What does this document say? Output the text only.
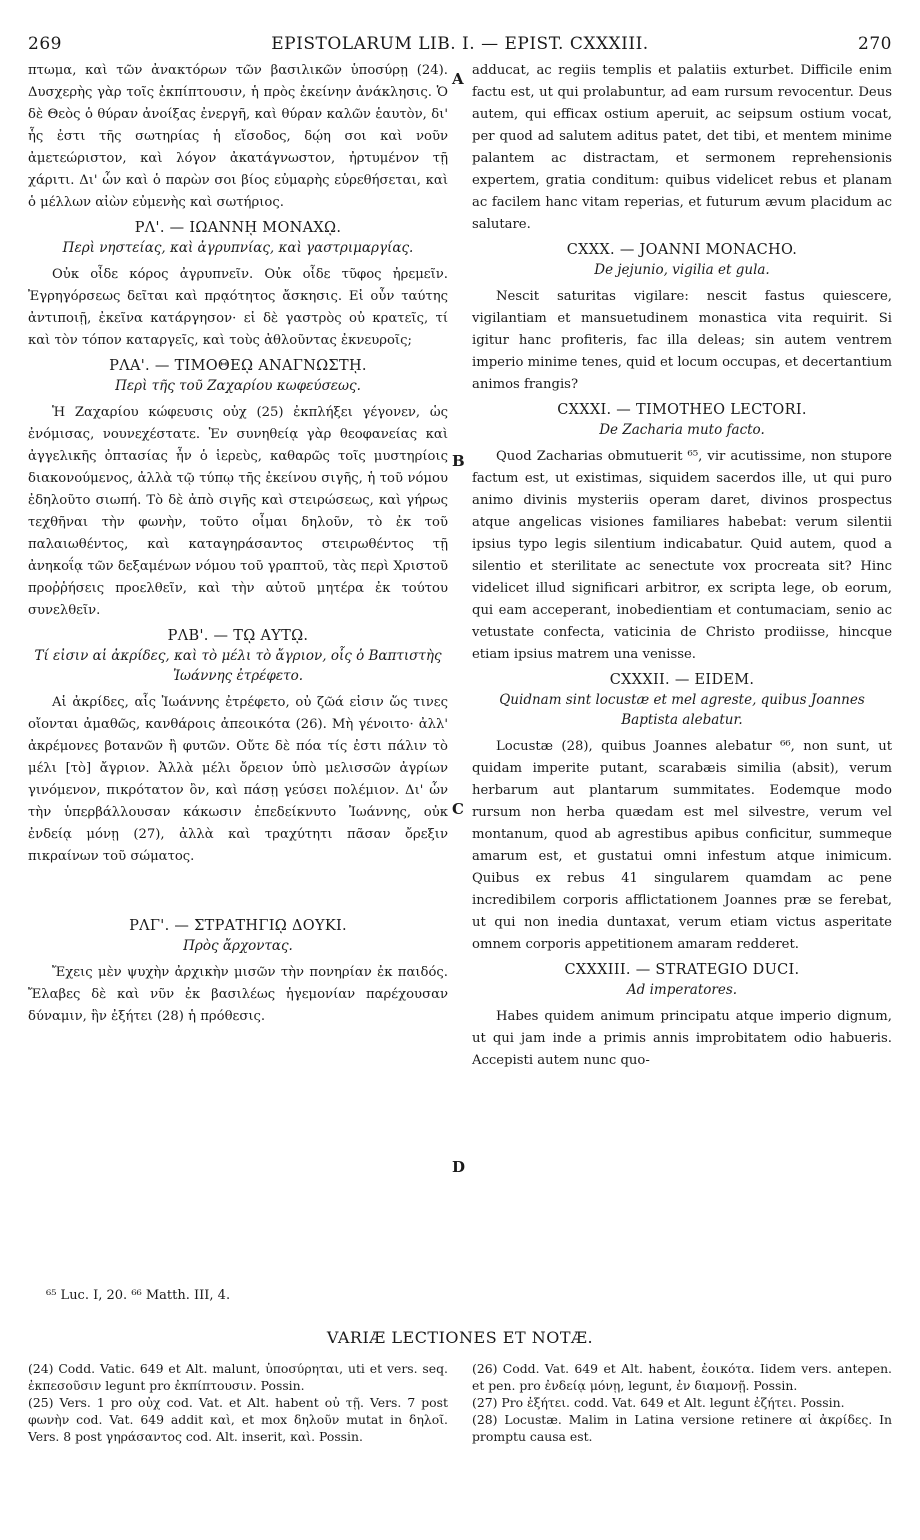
269	EPISTOLARUM LIB. I. — EPIST. CXXXIII.	270

πτωμα, καὶ τῶν ἀνακτόρων τῶν βασιλικῶν ὑποσύρῃ (24). Δυσχερὴς γὰρ τοῖς ἐκπίπτουσιν, ἡ πρὸς ἐκείνην ἀνάκλησις. Ὁ δὲ Θεὸς ὁ θύραν ἀνοίξας ἐνεργῆ, καὶ θύραν καλῶν ἑαυτὸν, δι' ἧς ἐστι τῆς σωτηρίας ἡ εἴσοδος, δῴη σοι καὶ νοῦν ἀμετεώριστον, καὶ λόγον ἀκατάγνωστον, ἠρτυμένον τῇ χάριτι. Δι' ὧν καὶ ὁ παρὼν σοι βίος εὐμαρὴς εὑρεθήσεται, καὶ ὁ μέλλων αἰὼν εὐμενὴς καὶ σωτήριος.

ΡΛ'. — ΙΩΑΝΝῌ ΜΟΝΑΧῼ.
Περὶ νηστείας, καὶ ἀγρυπνίας, καὶ γαστριμαργίας.

Οὐκ οἶδε κόρος ἀγρυπνεῖν. Οὐκ οἶδε τῦφος ἠρεμεῖν. Ἐγρηγόρσεως δεῖται καὶ πρᾳότητος ἄσκησις. Εἰ οὖν ταύτης ἀντιποιῇ, ἐκεῖνα κατάργησον· εἰ δὲ γαστρὸς οὐ κρατεῖς, τί καὶ τὸν τόπον καταργεῖς, καὶ τοὺς ἀθλοῦντας ἐκνευροῖς;

ΡΛΑ'. — ΤΙΜΟΘΕῼ ΑΝΑΓΝΩΣΤῌ.
Περὶ τῆς τοῦ Ζαχαρίου κωφεύσεως.

Ἡ Ζαχαρίου κώφευσις οὐχ (25) ἐκπλήξει γέγονεν, ὡς ἐνόμισας, νουνεχέστατε. Ἐν συνηθείᾳ γὰρ θεοφανείας καὶ ἀγγελικῆς ὀπτασίας ἦν ὁ ἱερεὺς, καθαρῶς τοῖς μυστηρίοις διακονούμενος, ἀλλὰ τῷ τύπῳ τῆς ἐκείνου σιγῆς, ἡ τοῦ νόμου ἐδηλοῦτο σιωπή. Τὸ δὲ ἀπὸ σιγῆς καὶ στειρώσεως, καὶ γήρως τεχθῆναι τὴν φωνὴν, τοῦτο οἶμαι δηλοῦν, τὸ ἐκ τοῦ παλαιωθέντος, καὶ καταγηράσαντος στειρωθέντος τῇ ἀνηκοΐᾳ τῶν δεξαμένων νόμου τοῦ γραπτοῦ, τὰς περὶ Χριστοῦ προῤῥήσεις προελθεῖν, καὶ τὴν αὐτοῦ μητέρα ἐκ τούτου συνελθεῖν.

ΡΛΒ'. — Τῼ ΑΥΤῼ.
Τί εἰσιν αἱ ἀκρίδες, καὶ τὸ μέλι τὸ ἄγριον, οἷς ὁ Βαπτιστὴς Ἰωάννης ἐτρέφετο.

Αἱ ἀκρίδες, αἷς Ἰωάννης ἐτρέφετο, οὐ ζῶά εἰσιν ὥς τινες οἴονται ἀμαθῶς, κανθάροις ἀπεοικότα (26). Μὴ γένοιτο· ἀλλ' ἀκρέμονες βοτανῶν ἢ φυτῶν. Οὔτε δὲ πόα τίς ἐστι πάλιν τὸ μέλι [τὸ] ἄγριον. Ἀλλὰ μέλι ὄρειον ὑπὸ μελισσῶν ἀγρίων γινόμενον, πικρότατον ὂν, καὶ πάσῃ γεύσει πολέμιον. Δι' ὧν τὴν ὑπερβάλλουσαν κάκωσιν ἐπεδείκνυτο Ἰωάννης, οὐκ ἐνδείᾳ μόνῃ (27), ἀλλὰ καὶ τραχύτητι πᾶσαν ὄρεξιν πικραίνων τοῦ σώματος.

ΡΛΓ'. — ΣΤΡΑΤΗΓΙῼ ΔΟΥΚΙ.
Πρὸς ἄρχοντας.

Ἔχεις μὲν ψυχὴν ἀρχικὴν μισῶν τὴν πονηρίαν ἐκ παιδός. Ἔλαβες δὲ καὶ νῦν ἐκ βασιλέως ἡγεμονίαν παρέχουσαν δύναμιν, ἣν ἐξήτει (28) ἡ πρόθεσις.

adducat, ac regiis templis et palatiis exturbet. Difficile enim factu est, ut qui prolabuntur, ad eam rursum revocentur. Deus autem, qui efficax ostium aperuit, ac seipsum ostium vocat, per quod ad salutem aditus patet, det tibi, et mentem minime palantem ac distractam, et sermonem reprehensionis expertem, gratia conditum: quibus videlicet rebus et planam ac facilem hanc vitam reperias, et futurum ævum placidum ac salutare.

CXXX. — JOANNI MONACHO.
De jejunio, vigilia et gula.

Nescit saturitas vigilare: nescit fastus quiescere, vigilantiam et mansuetudinem monastica vita requirit. Si igitur hanc profiteris, fac illa deleas; sin autem ventrem imperio minime tenes, quid et locum occupas, et decertantium animos frangis?

CXXXI. — TIMOTHEO LECTORI.
De Zacharia muto facto.

Quod Zacharias obmutuerit ⁶⁵, vir acutissime, non stupore factum est, ut existimas, siquidem sacerdos ille, ut qui puro animo divinis mysteriis operam daret, divinos prospectus atque angelicas visiones familiares habebat: verum silentii ipsius typo legis silentium indicabatur. Quid autem, quod a silentio et sterilitate ac senectute vox procreata sit? Hinc videlicet illud significari arbitror, ex scripta lege, ob eorum, qui eam acceperant, inobedientiam et contumaciam, senio ac vetustate confecta, vaticinia de Christo prodiisse, hincque etiam ipsius matrem una venisse.

CXXXII. — EIDEM.
Quidnam sint locustæ et mel agreste, quibus Joannes Baptista alebatur.

Locustæ (28), quibus Joannes alebatur ⁶⁶, non sunt, ut quidam imperite putant, scarabæis similia (absit), verum herbarum aut plantarum summitates. Eodemque modo rursum non herba quædam est mel silvestre, verum vel montanum, quod ab agrestibus apibus conficitur, summeque amarum est, et gustatui omni infestum atque inimicum. Quibus ex rebus 41 singularem quamdam ac pene incredibilem corporis afflictationem Joannes præ se ferebat, ut qui non inedia duntaxat, verum etiam victus asperitate omnem corporis appetitionem amaram redderet.

CXXXIII. — STRATEGIO DUCI.
Ad imperatores.

Habes quidem animum principatu atque imperio dignum, ut qui jam inde a primis annis improbitatem odio habueris. Accepisti autem nunc quo-

A
B
C
D
⁶⁵ Luc. I, 20. ⁶⁶ Matth. III, 4.
VARIÆ LECTIONES ET NOTÆ.

(24) Codd. Vatic. 649 et Alt. malunt, ὑποσύρηται, uti et vers. seq. ἐκπεσοῦσιν legunt pro ἐκπίπτουσιν. Possin.

(25) Vers. 1 pro οὐχ cod. Vat. et Alt. habent οὐ τῇ. Vers. 7 post φωνὴν cod. Vat. 649 addit καὶ, et mox δηλοῦν mutat in δηλοῖ. Vers. 8 post γηράσαντος cod. Alt. inserit, καὶ. Possin.

(26) Codd. Vat. 649 et Alt. habent, ἐοικότα. Iidem vers. antepen. et pen. pro ἐνδείᾳ μόνῃ, legunt, ἐν διαμονῇ. Possin.

(27) Pro ἐξήτει. codd. Vat. 649 et Alt. legunt ἐζήτει. Possin.

(28) Locustæ. Malim in Latina versione retinere αἱ ἀκρίδες. In promptu causa est.
